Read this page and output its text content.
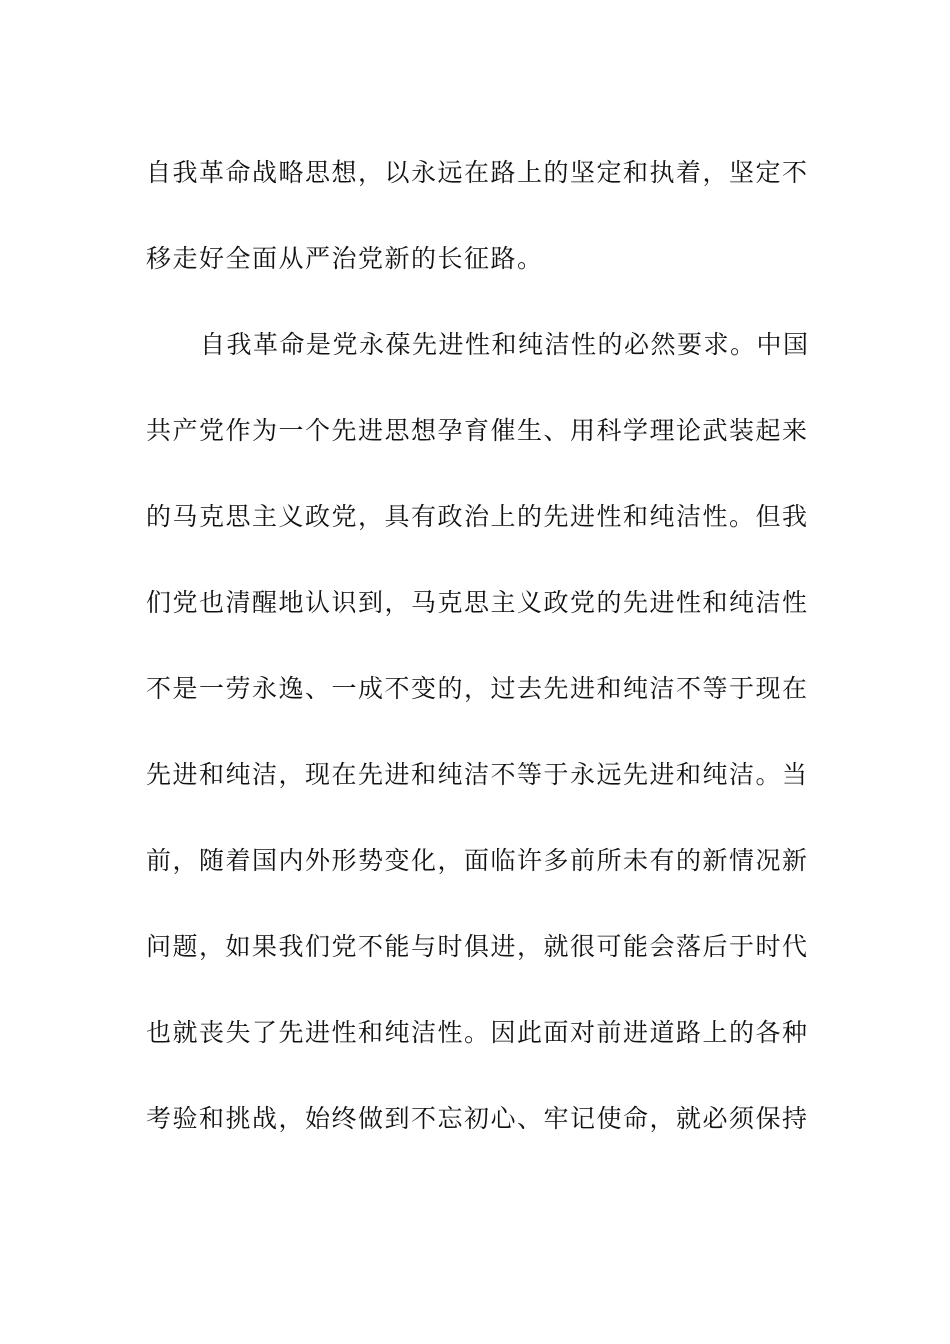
自我革命战略思想，以永远在路上的坚定和执着，坚定不
移走好全面从严治党新的长征路。
自我革命是党永葆先进性和纯洁性的必然要求。中国
共产党作为一个先进思想孕育催生、用科学理论武装起来
的马克思主义政党，具有政治上的先进性和纯洁性。但我
们党也清醒地认识到，马克思主义政党的先进性和纯洁性
不是一劳永逸、一成不变的，过去先进和纯洁不等于现在
先进和纯洁，现在先进和纯洁不等于永远先进和纯洁。当
前，随着国内外形势变化，面临许多前所未有的新情况新
问题，如果我们党不能与时俱进，就很可能会落后于时代
也就丧失了先进性和纯洁性。因此面对前进道路上的各种
考验和挑战，始终做到不忘初心、牢记使命，就必须保持
